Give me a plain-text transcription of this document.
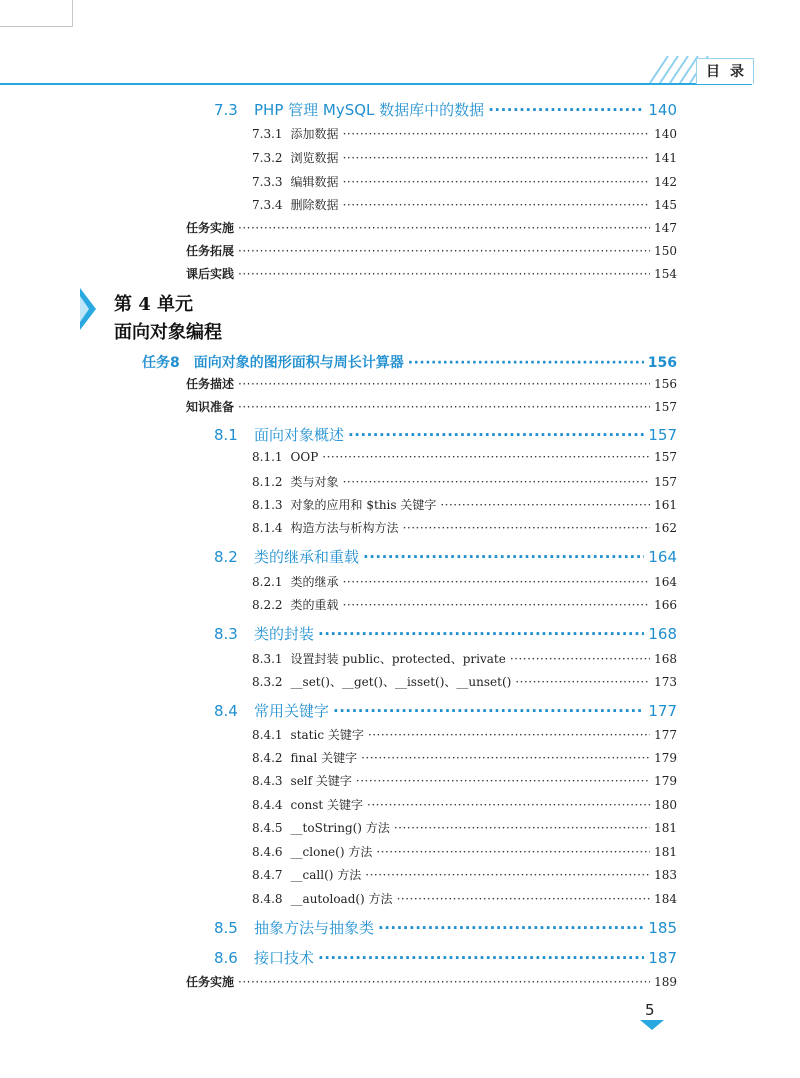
目录
7.3 PHP 管理 MySQL 数据库中的数据 ·····	140
7.3.1 添加数据 ·····	140
7.3.2 浏览数据 ·····	141
7.3.3 编辑数据 ·····	142
7.3.4 删除数据 ·····	145
任务实施 ·····	147
任务拓展 ·····	150
课后实践 ·····	154
第 4 单元
面向对象编程
任务8　面向对象的图形面积与周长计算器 ·····	156
任务描述 ·····	156
知识准备 ·····	157
8.1 面向对象概述 ·····	157
8.1.1 OOP ·····	157
8.1.2 类与对象 ·····	157
8.1.3 对象的应用和 $this 关键字 ·····	161
8.1.4 构造方法与析构方法 ·····	162
8.2 类的继承和重载 ·····	164
8.2.1 类的继承 ·····	164
8.2.2 类的重载 ·····	166
8.3 类的封装 ·····	168
8.3.1 设置封装 public、protected、private ·····	168
8.3.2 __set()、__get()、__isset()、__unset() ·····	173
8.4 常用关键字 ·····	177
8.4.1 static 关键字 ·····	177
8.4.2 final 关键字 ·····	179
8.4.3 self 关键字 ·····	179
8.4.4 const 关键字 ·····	180
8.4.5 __toString() 方法 ·····	181
8.4.6 __clone() 方法 ·····	181
8.4.7 __call() 方法 ·····	183
8.4.8 __autoload() 方法 ·····	184
8.5 抽象方法与抽象类 ·····	185
8.6 接口技术 ·····	187
任务实施 ·····	189
5
